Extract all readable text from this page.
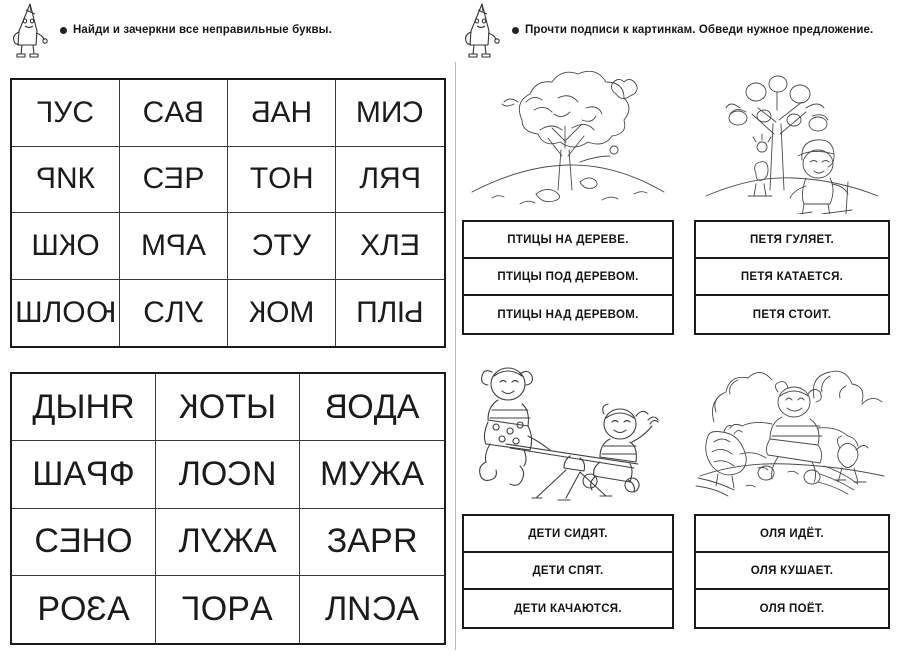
Найди и зачеркни все неправильные буквы.	Прочти подписи к картинкам. Обведи нужное предложение.
Г У С С А В Б А Н М И С
Р И К С Е Р Т О Н Л Я Р
Ш К О М Р А С Т У Х Л Е
Ш Л О Ю С Л У К О М П Л Ы
Д Ы Н Я К О Т Ы В О Д А
Ш А Р Ф Л О С И М У Ж А
С Е Н О Л У Ж А З А Р Я
Р О З А Г О Р А Л И С А
ПТИЦЫ НА ДЕРЕВЕ.
ПТИЦЫ ПОД ДЕРЕВОМ.
ПТИЦЫ НАД ДЕРЕВОМ.
ПЕТЯ ГУЛЯЕТ.
ПЕТЯ КАТАЕТСЯ.
ПЕТЯ СТОИТ.
ДЕТИ СИДЯТ.
ДЕТИ СПЯТ.
ДЕТИ КАЧАЮТСЯ.
ОЛЯ ИДЁТ.
ОЛЯ КУШАЕТ.
ОЛЯ ПОЁТ.
